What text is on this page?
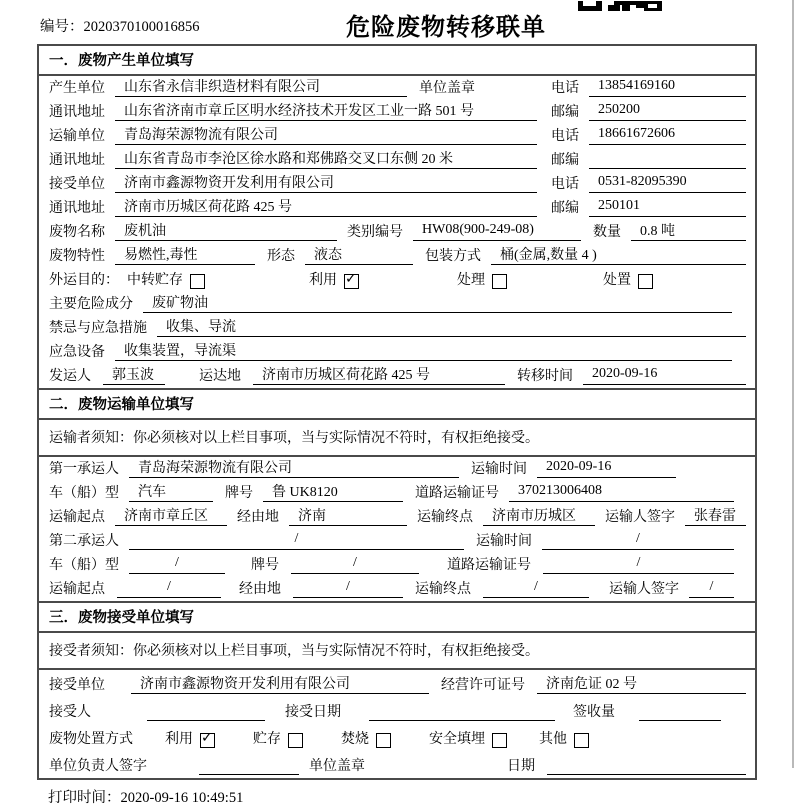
编号：2020370100016856	危险废物转移联单
一．废物产生单位填写
产生单位	山东省永信非织造材料有限公司	单位盖章	电话	13854169160
通讯地址	山东省济南市章丘区明水经济技术开发区工业一路 501 号	邮编	250200
运输单位	青岛海荣源物流有限公司	电话	18661672606
通讯地址	山东省青岛市李沧区徐水路和郑佛路交叉口东侧 20 米	邮编
接受单位	济南市鑫源物资开发利用有限公司	电话	0531-82095390
通讯地址	济南市历城区荷花路 425 号	邮编	250101
废物名称	废机油	类别编号	HW08(900-249-08)	数量	0.8 吨
废物特性	易燃性,毒性	形态	液态	包装方式	桶(金属,数量 4 )
外运目的： 中转贮存	利用 ✓	处理	处置
主要危险成分	废矿物油
禁忌与应急措施	收集、导流
应急设备	收集装置，导流渠
发运人	郭玉波	运达地	济南市历城区荷花路 425 号	转移时间	2020-09-16
二．废物运输单位填写
运输者须知：你必须核对以上栏目事项，当与实际情况不符时，有权拒绝接受。
第一承运人	青岛海荣源物流有限公司	运输时间	2020-09-16
车（船）型	汽车	牌号	鲁 UK8120	道路运输证号	370213006408
运输起点	济南市章丘区	经由地	济南	运输终点	济南市历城区	运输人签字	张春雷
第二承运人	/	运输时间	/
车（船）型	/	牌号	/	道路运输证号	/
运输起点	/	经由地	/	运输终点	/	运输人签字	/
三．废物接受单位填写
接受者须知：你必须核对以上栏目事项，当与实际情况不符时，有权拒绝接受。
接受单位	济南市鑫源物资开发利用有限公司	经营许可证号	济南危证 02 号
接受人	接受日期	签收量
废物处置方式 利用 ✓	贮存	焚烧	安全填埋	其他
单位负责人签字	单位盖章	日期
打印时间：2020-09-16 10:49:51
